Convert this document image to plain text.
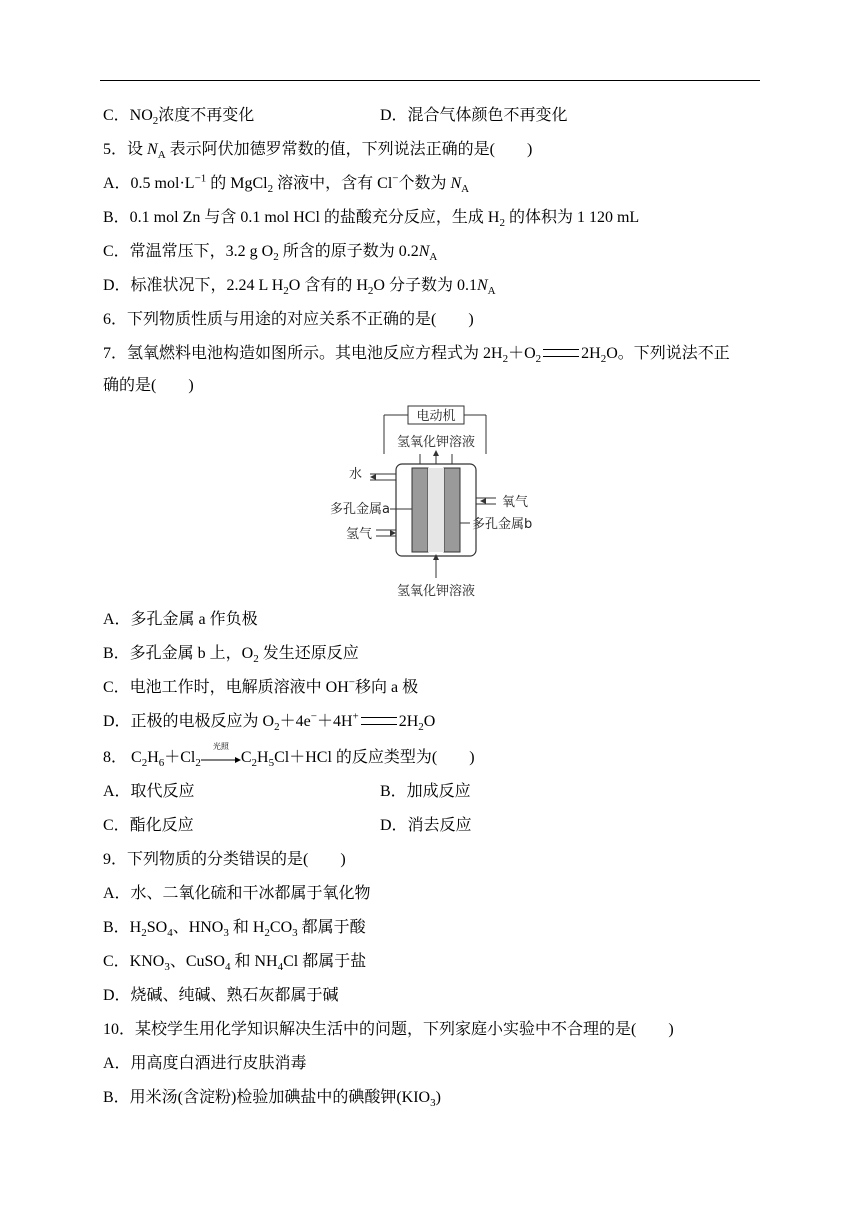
C．$NO_2$浓度不再变化	D．混合气体颜色不再变化
5．设 $N_A$ 表示阿伏加德罗常数的值，下列说法正确的是(　　)
A．0.5 $mol\cdot L^{-1}$ 的 MgCl$_2$ 溶液中，含有 Cl−个数为 $N_A$
B．0.1 mol Zn 与含 0.1 mol HCl 的盐酸充分反应，生成 $H_2$ 的体积为 1 120 mL
C．常温常压下，3.2 g $O_2$ 所含的原子数为 $0.2N_A$
D．标准状况下，2.24 L $H_2O$ 含有的 $H_2O$ 分子数为 $0.1N_A$
6．下列物质性质与用途的对应关系不正确的是(　　)
7．氢氧燃料电池构造如图所示。其电池反应方程式为 $2H_2+O_2$	$2H_2O$。下列说法不正
确的是(　　)
电动机
氢氧化钾溶液
水
多孔金属a
氢气
氧气
多孔金属b
氢氧化钾溶液
A．多孔金属 a 作负极
B．多孔金属 b 上，$O_2$ 发生还原反应
C．电池工作时，电解质溶液中 OH−移向 a 极
D．正极的电极反应为 $O_2+4e^-+4H^+$	$2H_2O$
8． $C_2H_6+Cl_2$
光照
$C_2H_5Cl+HCl$ 的反应类型为(　　)
A．取代反应	B．加成反应
C．酯化反应	D．消去反应
9．下列物质的分类错误的是(　　)
A．水、二氧化硫和干冰都属于氧化物
B．$H_2SO_4$、$HNO_3$ 和 $H_2CO_3$ 都属于酸
C．$KNO_3$、CuSO$_4$ 和 $NH_4Cl$ 都属于盐
D．烧碱、纯碱、熟石灰都属于碱
10．某校学生用化学知识解决生活中的问题，下列家庭小实验中不合理的是(　　)
A．用高度白酒进行皮肤消毒
B．用米汤(含淀粉)检验加碘盐中的碘酸钾$(KIO_3)$
